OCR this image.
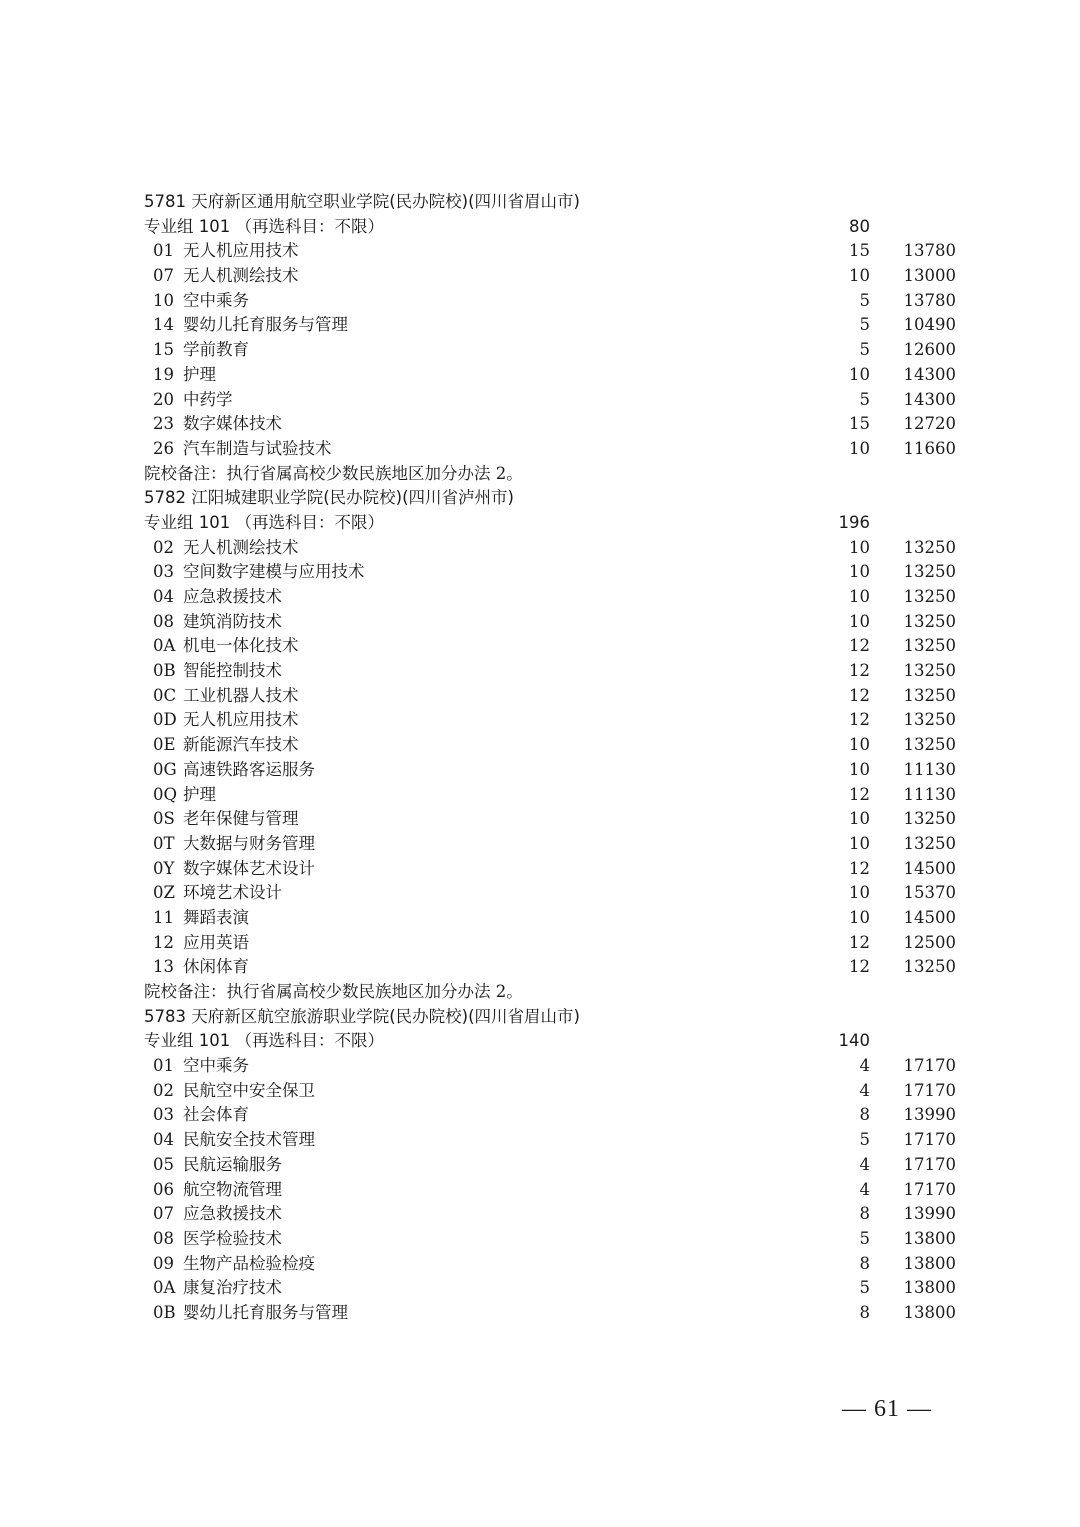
5781 天府新区通用航空职业学院(民办院校)(四川省眉山市)
专业组 101 （再选科目：不限）	80
01 无人机应用技术	15	13780
07 无人机测绘技术	10	13000
10 空中乘务	5	13780
14 婴幼儿托育服务与管理	5	10490
15 学前教育	5	12600
19 护理	10	14300
20 中药学	5	14300
23 数字媒体技术	15	12720
26 汽车制造与试验技术	10	11660
院校备注：执行省属高校少数民族地区加分办法 2。
5782 江阳城建职业学院(民办院校)(四川省泸州市)
专业组 101 （再选科目：不限）	196
02 无人机测绘技术	10	13250
03 空间数字建模与应用技术	10	13250
04 应急救援技术	10	13250
08 建筑消防技术	10	13250
0A 机电一体化技术	12	13250
0B 智能控制技术	12	13250
0C 工业机器人技术	12	13250
0D 无人机应用技术	12	13250
0E 新能源汽车技术	10	13250
0G 高速铁路客运服务	10	11130
0Q 护理	12	11130
0S 老年保健与管理	10	13250
0T 大数据与财务管理	10	13250
0Y 数字媒体艺术设计	12	14500
0Z 环境艺术设计	10	15370
11 舞蹈表演	10	14500
12 应用英语	12	12500
13 休闲体育	12	13250
院校备注：执行省属高校少数民族地区加分办法 2。
5783 天府新区航空旅游职业学院(民办院校)(四川省眉山市)
专业组 101 （再选科目：不限）	140
01 空中乘务	4	17170
02 民航空中安全保卫	4	17170
03 社会体育	8	13990
04 民航安全技术管理	5	17170
05 民航运输服务	4	17170
06 航空物流管理	4	17170
07 应急救援技术	8	13990
08 医学检验技术	5	13800
09 生物产品检验检疫	8	13800
0A 康复治疗技术	5	13800
0B 婴幼儿托育服务与管理	8	13800
— 61 —
